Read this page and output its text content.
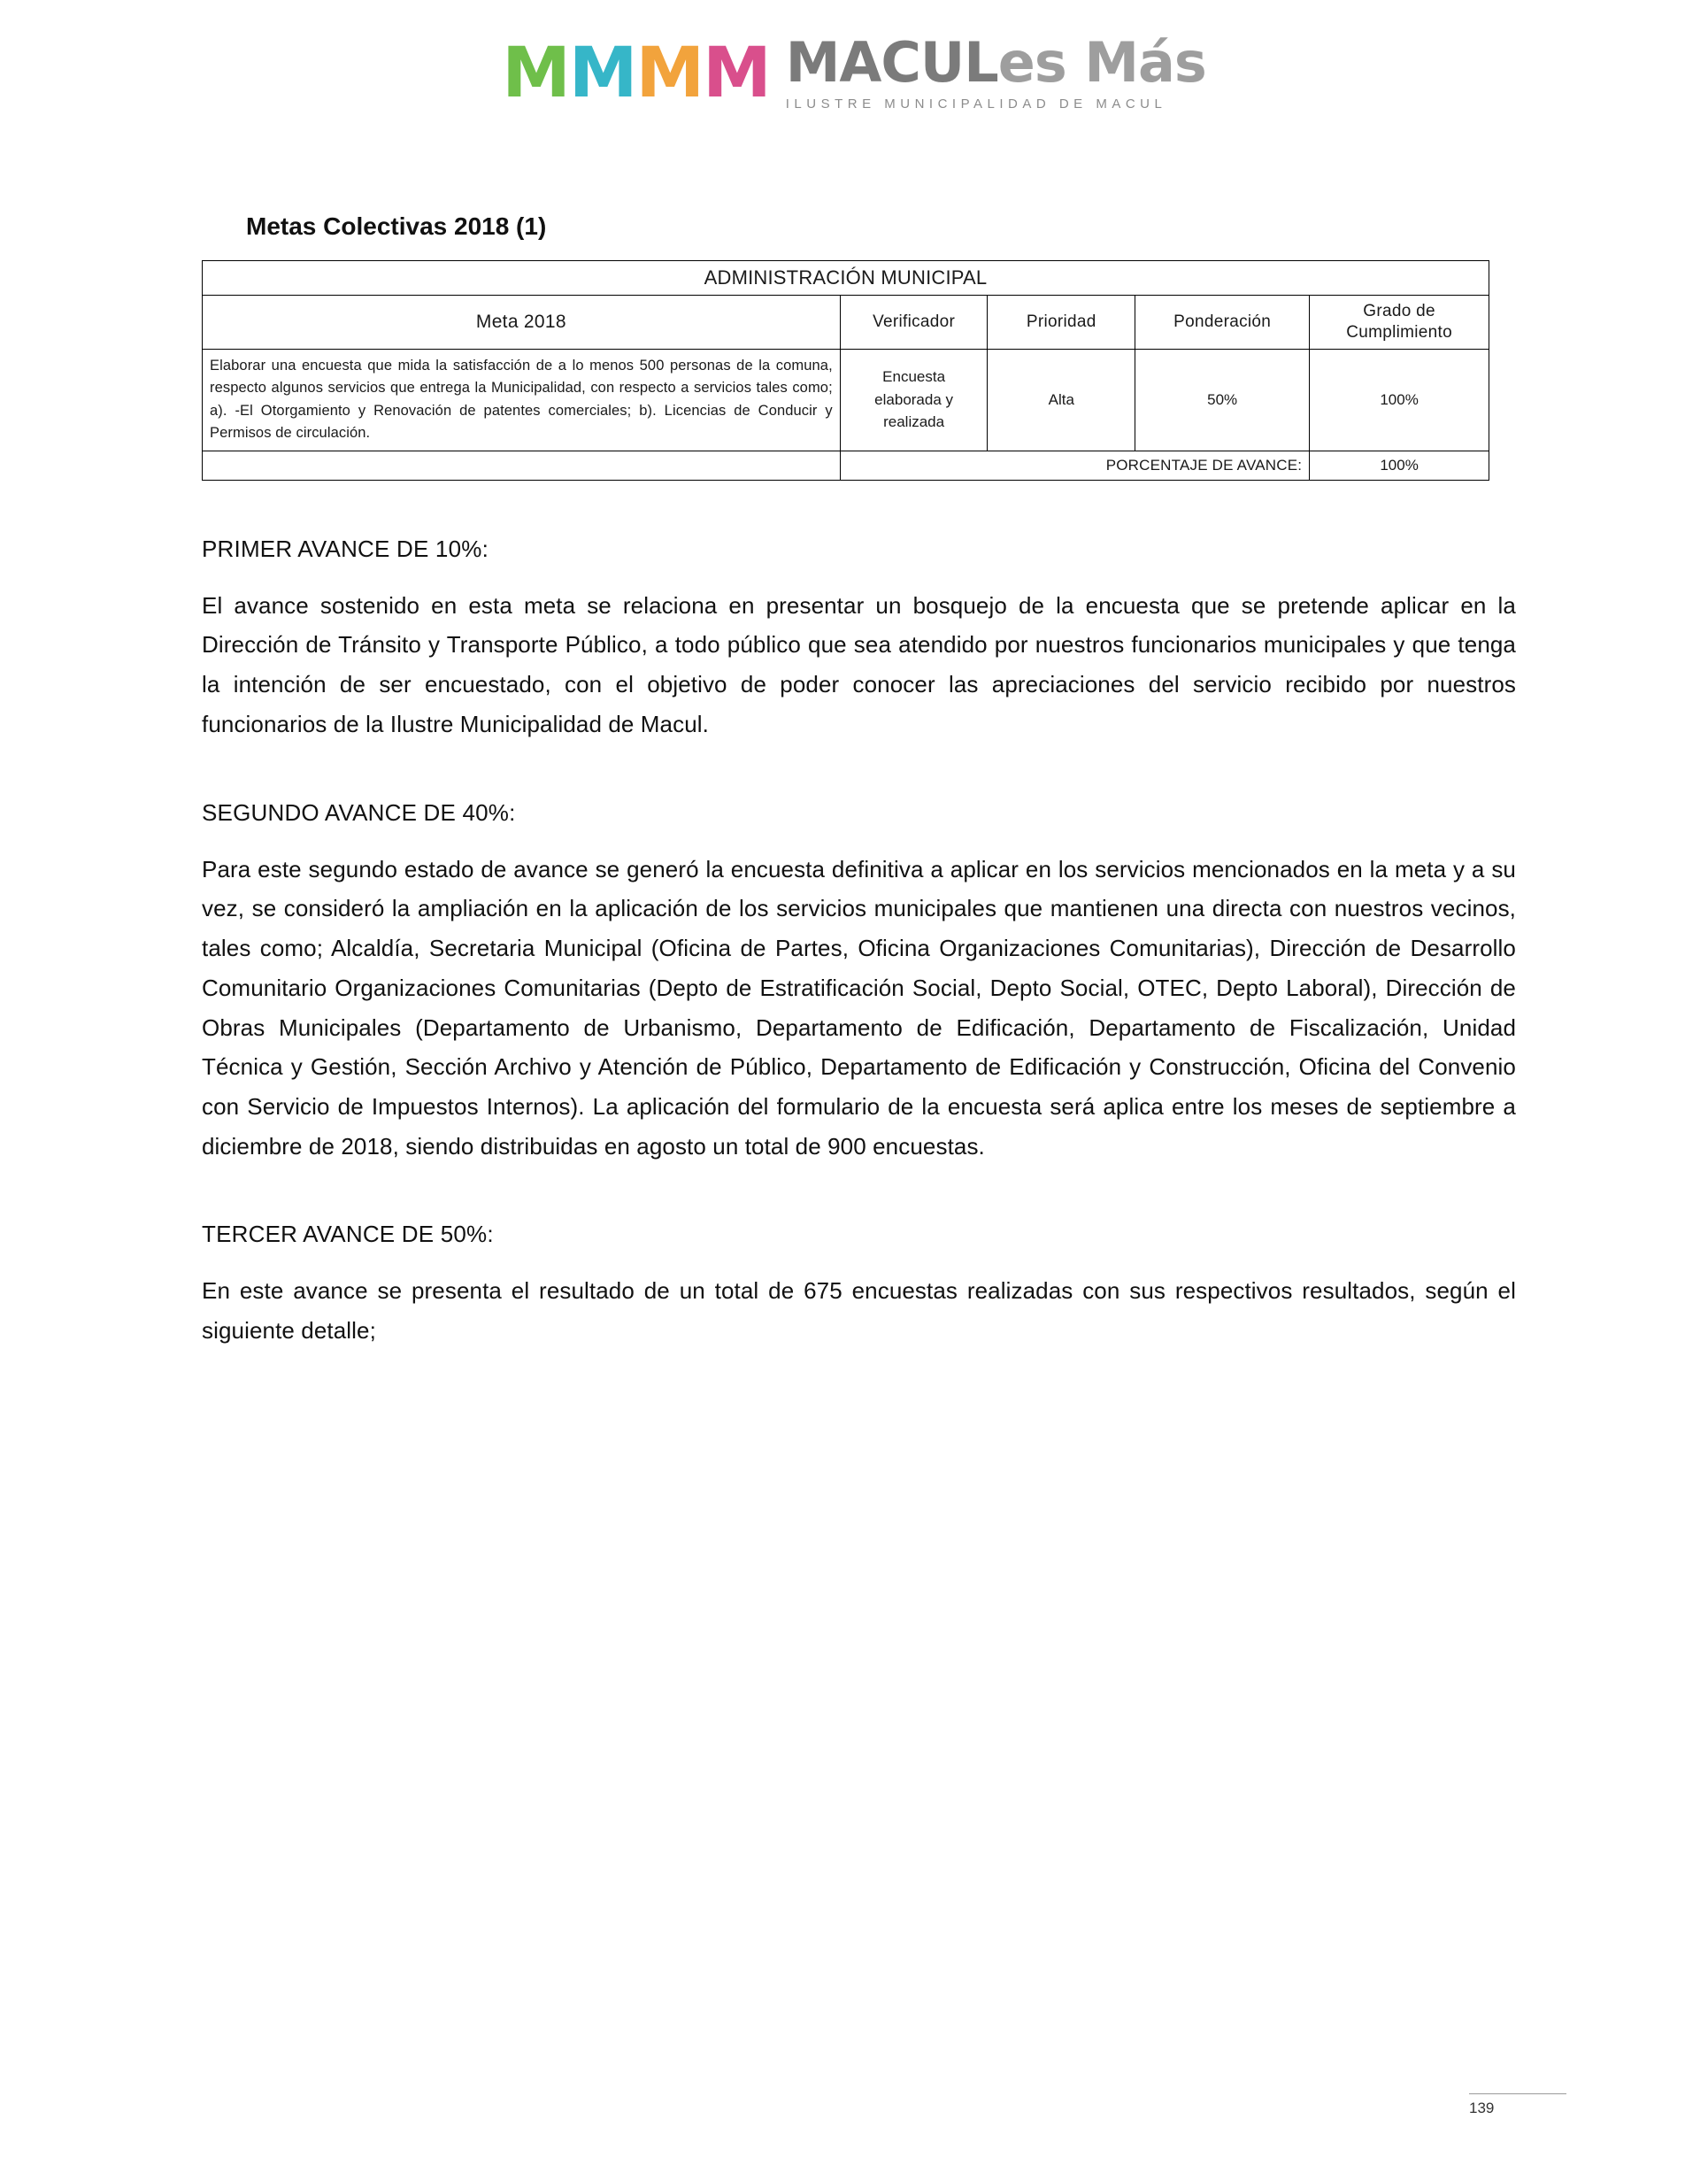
M M M M MACULes Más
ILUSTRE MUNICIPALIDAD DE MACUL
Metas Colectivas 2018 (1)
ADMINISTRACIÓN MUNICIPAL				
Meta 2018	Verificador	Prioridad	Ponderación	Grado de Cumplimiento
Elaborar una encuesta que mida la satisfacción de a lo menos 500 personas de la comuna, respecto algunos servicios que entrega la Municipalidad, con respecto a servicios tales como; a). -El Otorgamiento y Renovación de patentes comerciales; b). Licencias de Conducir y Permisos de circulación.	Encuesta elaborada y realizada	Alta	50%	100%
	PORCENTAJE DE AVANCE:			100%
PRIMER AVANCE DE 10%:

El avance sostenido en esta meta se relaciona en presentar un bosquejo de la encuesta que se pretende aplicar en la Dirección de Tránsito y Transporte Público, a todo público que sea atendido por nuestros funcionarios municipales y que tenga la intención de ser encuestado, con el objetivo de poder conocer las apreciaciones del servicio recibido por nuestros funcionarios de la Ilustre Municipalidad de Macul.

SEGUNDO AVANCE DE 40%:

Para este segundo estado de avance se generó la encuesta definitiva a aplicar en los servicios mencionados en la meta y a su vez, se consideró la ampliación en la aplicación de los servicios municipales que mantienen una directa con nuestros vecinos, tales como; Alcaldía, Secretaria Municipal (Oficina de Partes, Oficina Organizaciones Comunitarias), Dirección de Desarrollo Comunitario Organizaciones Comunitarias (Depto de Estratificación Social, Depto Social, OTEC, Depto Laboral), Dirección de Obras Municipales (Departamento de Urbanismo, Departamento de Edificación, Departamento de Fiscalización, Unidad Técnica y Gestión, Sección Archivo y Atención de Público, Departamento de Edificación y Construcción, Oficina del Convenio con Servicio de Impuestos Internos). La aplicación del formulario de la encuesta será aplica entre los meses de septiembre a diciembre de 2018, siendo distribuidas en agosto un total de 900 encuestas.

TERCER AVANCE DE 50%:

En este avance se presenta el resultado de un total de 675 encuestas realizadas con sus respectivos resultados, según el siguiente detalle;

139
